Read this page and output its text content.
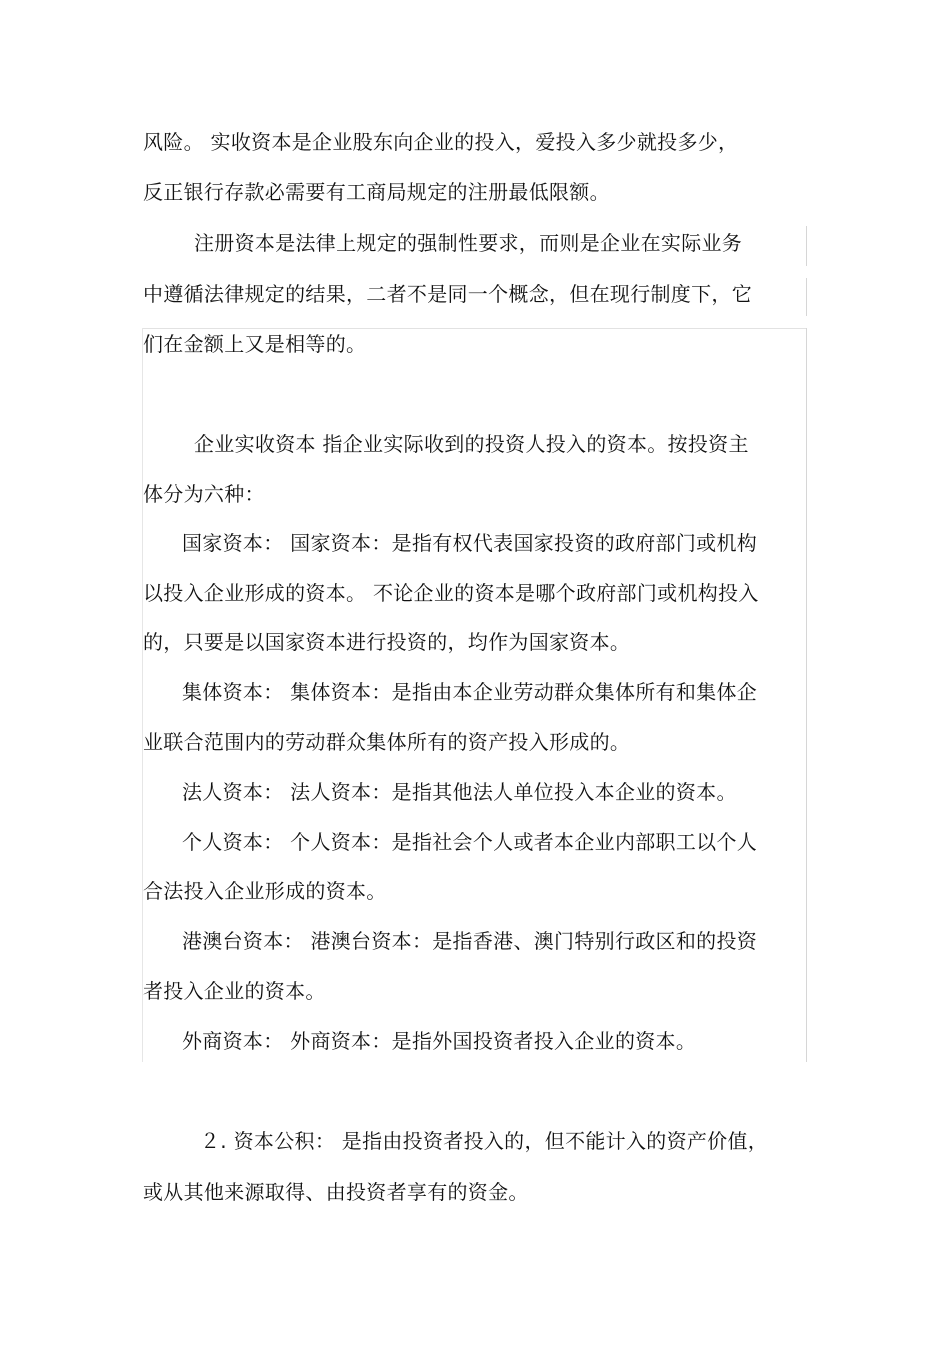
风险。 实收资本是企业股东向企业的投入，爱投入多少就投多少，
反正银行存款必需要有工商局规定的注册最低限额。
注册资本是法律上规定的强制性要求，而则是企业在实际业务
中遵循法律规定的结果，二者不是同一个概念，但在现行制度下，它
们在金额上又是相等的。
企业实收资本 指企业实际收到的投资人投入的资本。按投资主
体分为六种：
国家资本： 国家资本：是指有权代表国家投资的政府部门或机构
以投入企业形成的资本。 不论企业的资本是哪个政府部门或机构投入
的，只要是以国家资本进行投资的，均作为国家资本。
集体资本： 集体资本：是指由本企业劳动群众集体所有和集体企
业联合范围内的劳动群众集体所有的资产投入形成的。
法人资本： 法人资本：是指其他法人单位投入本企业的资本。
个人资本： 个人资本：是指社会个人或者本企业内部职工以个人
合法投入企业形成的资本。
港澳台资本： 港澳台资本：是指香港、澳门特别行政区和的投资
者投入企业的资本。
外商资本： 外商资本：是指外国投资者投入企业的资本。
２. 资本公积： 是指由投资者投入的，但不能计入的资产价值，
或从其他来源取得、由投资者享有的资金。
